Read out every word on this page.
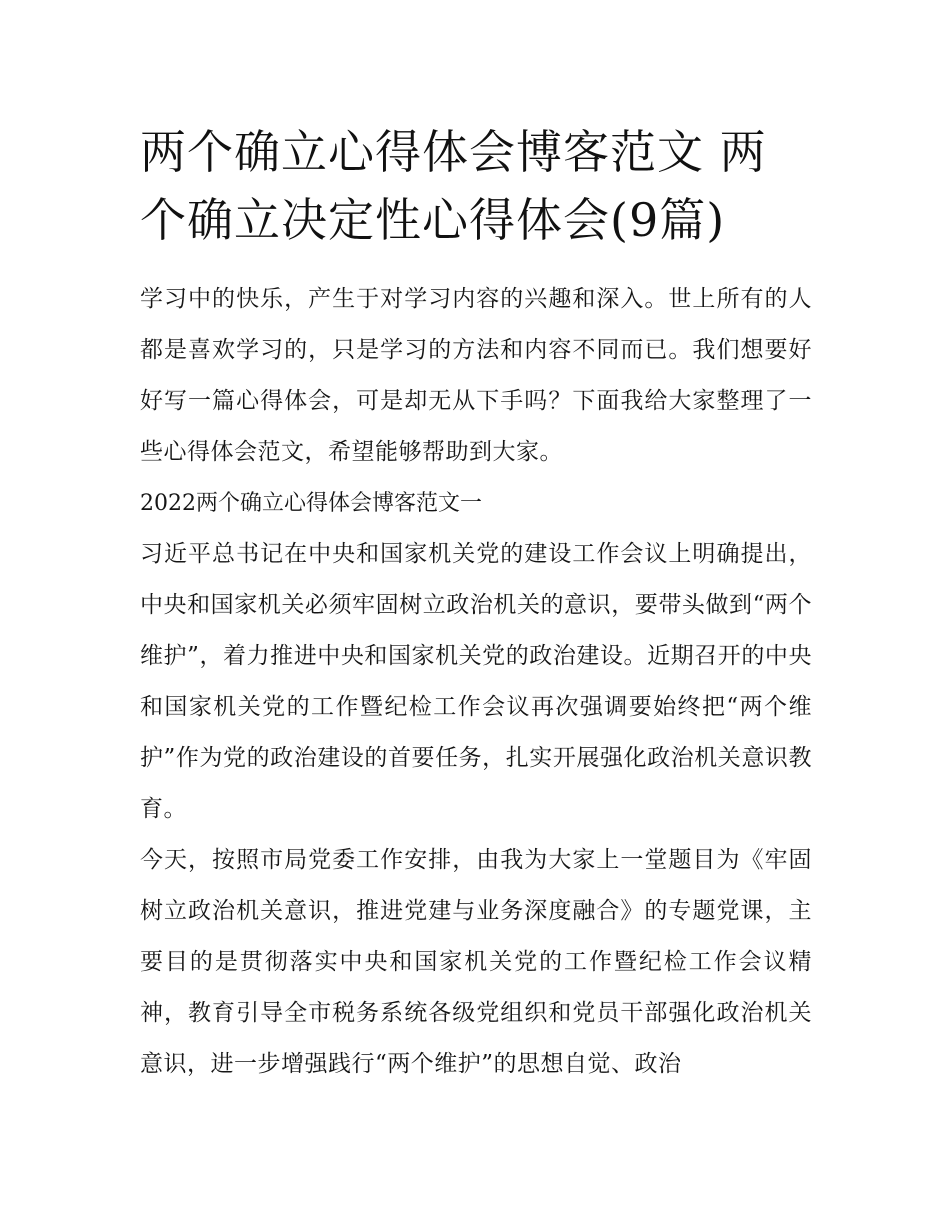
两个确立心得体会博客范文 两个确立决定性心得体会(9篇)

学习中的快乐，产生于对学习内容的兴趣和深入。世上所有的人都是喜欢学习的，只是学习的方法和内容不同而已。我们想要好好写一篇心得体会，可是却无从下手吗？下面我给大家整理了一些心得体会范文，希望能够帮助到大家。

2022两个确立心得体会博客范文一

习近平总书记在中央和国家机关党的建设工作会议上明确提出，中央和国家机关必须牢固树立政治机关的意识，要带头做到“两个维护”，着力推进中央和国家机关党的政治建设。近期召开的中央和国家机关党的工作暨纪检工作会议再次强调要始终把“两个维护”作为党的政治建设的首要任务，扎实开展强化政治机关意识教育。

今天，按照市局党委工作安排，由我为大家上一堂题目为《牢固树立政治机关意识，推进党建与业务深度融合》的专题党课，主要目的是贯彻落实中央和国家机关党的工作暨纪检工作会议精神，教育引导全市税务系统各级党组织和党员干部强化政治机关意识，进一步增强践行“两个维护”的思想自觉、政治
